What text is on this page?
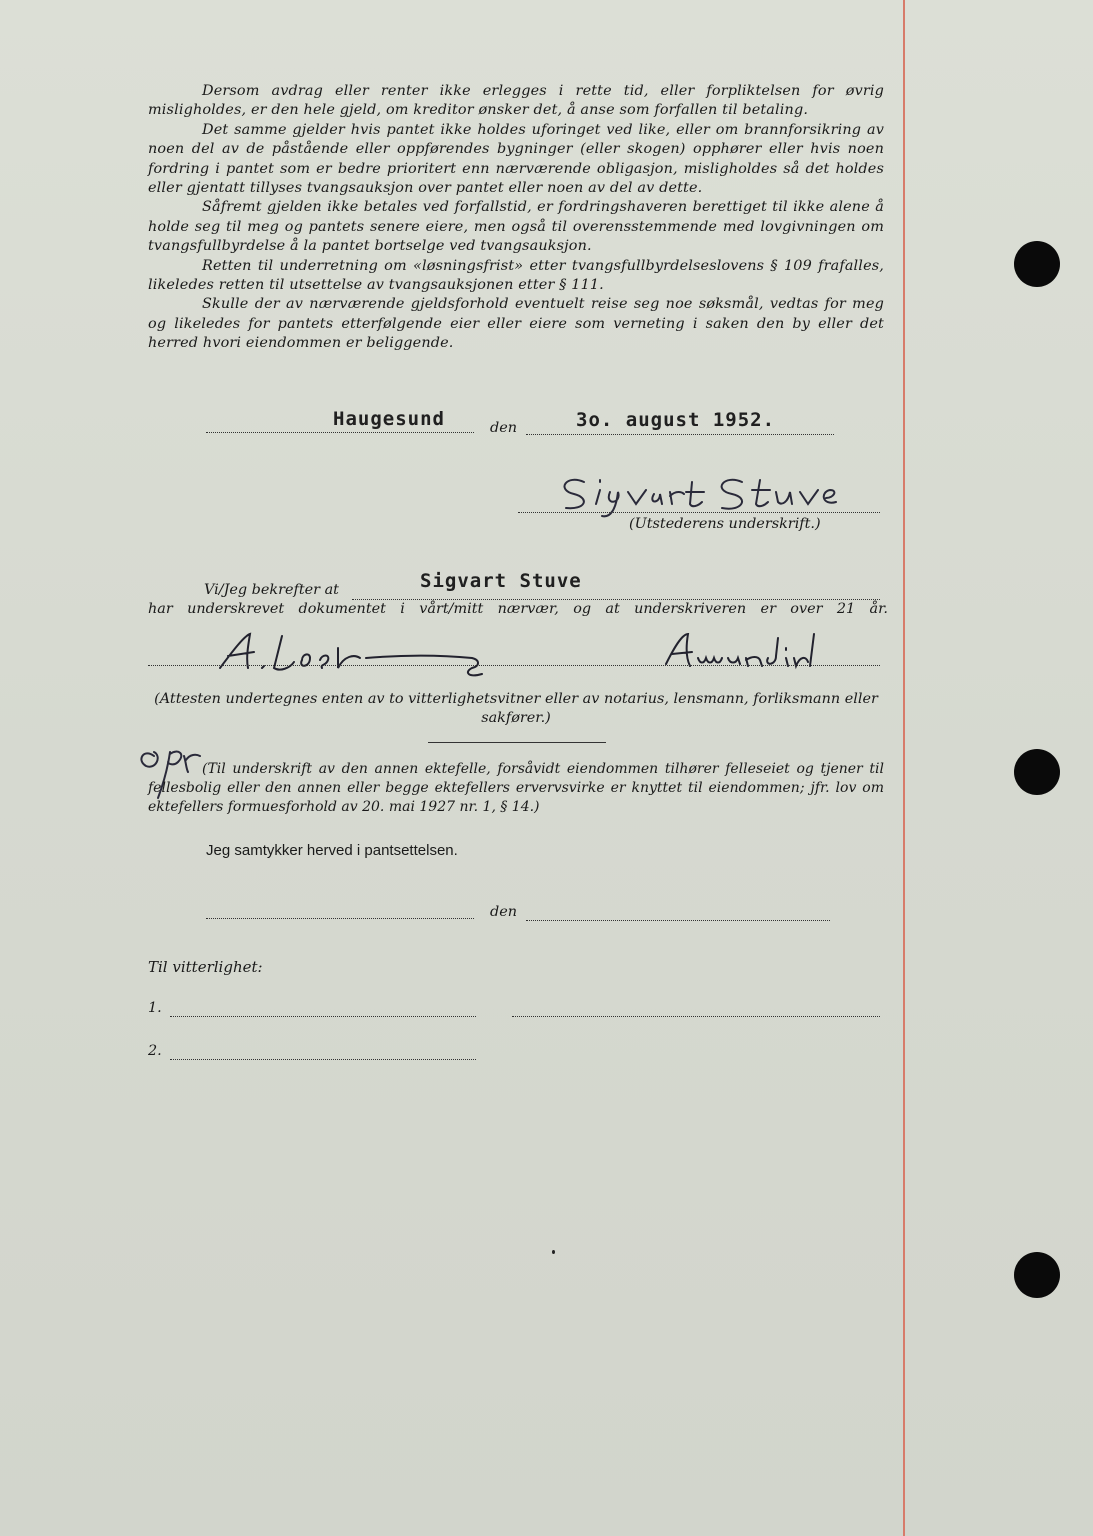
Dersom avdrag eller renter ikke erlegges i rette tid, eller forpliktelsen for øvrig misligholdes, er den hele gjeld, om kreditor ønsker det, å anse som forfallen til betaling.

Det samme gjelder hvis pantet ikke holdes uforinget ved like, eller om brannforsikring av noen del av de påstående eller oppførendes bygninger (eller skogen) opphører eller hvis noen fordring i pantet som er bedre prioritert enn nærværende obligasjon, misligholdes så det holdes eller gjentatt tillyses tvangsauksjon over pantet eller noen av del av dette.

Såfremt gjelden ikke betales ved forfallstid, er fordringshaveren berettiget til ikke alene å holde seg til meg og pantets senere eiere, men også til overensstemmende med lovgivningen om tvangsfullbyrdelse å la pantet bortselge ved tvangsauksjon.

Retten til underretning om «løsningsfrist» etter tvangsfullbyrdelseslovens § 109 frafalles, likeledes retten til utsettelse av tvangsauksjonen etter § 111.

Skulle der av nærværende gjeldsforhold eventuelt reise seg noe søksmål, vedtas for meg og likeledes for pantets etterfølgende eier eller eiere som verneting i saken den by eller det herred hvori eiendommen er beliggende.

Haugesund	den	3o. august 1952.
(Utstederens underskrift.)
Vi/Jeg bekrefter at	Sigvart Stuve
har underskrevet dokumentet i vårt/mitt nærvær, og at underskriveren er over 21 år.
(Attesten undertegnes enten av to vitterlighetsvitner eller av notarius, lensmann, forliksmann eller sakfører.)
(Til underskrift av den annen ektefelle, forsåvidt eiendommen tilhører felleseiet og tjener til fellesbolig eller den annen eller begge ektefellers ervervsvirke er knyttet til eiendommen; jfr. lov om ektefellers formuesforhold av 20. mai 1927 nr. 1, § 14.)
Jeg samtykker herved i pantsettelsen.
den
Til vitterlighet:
1.
2.
